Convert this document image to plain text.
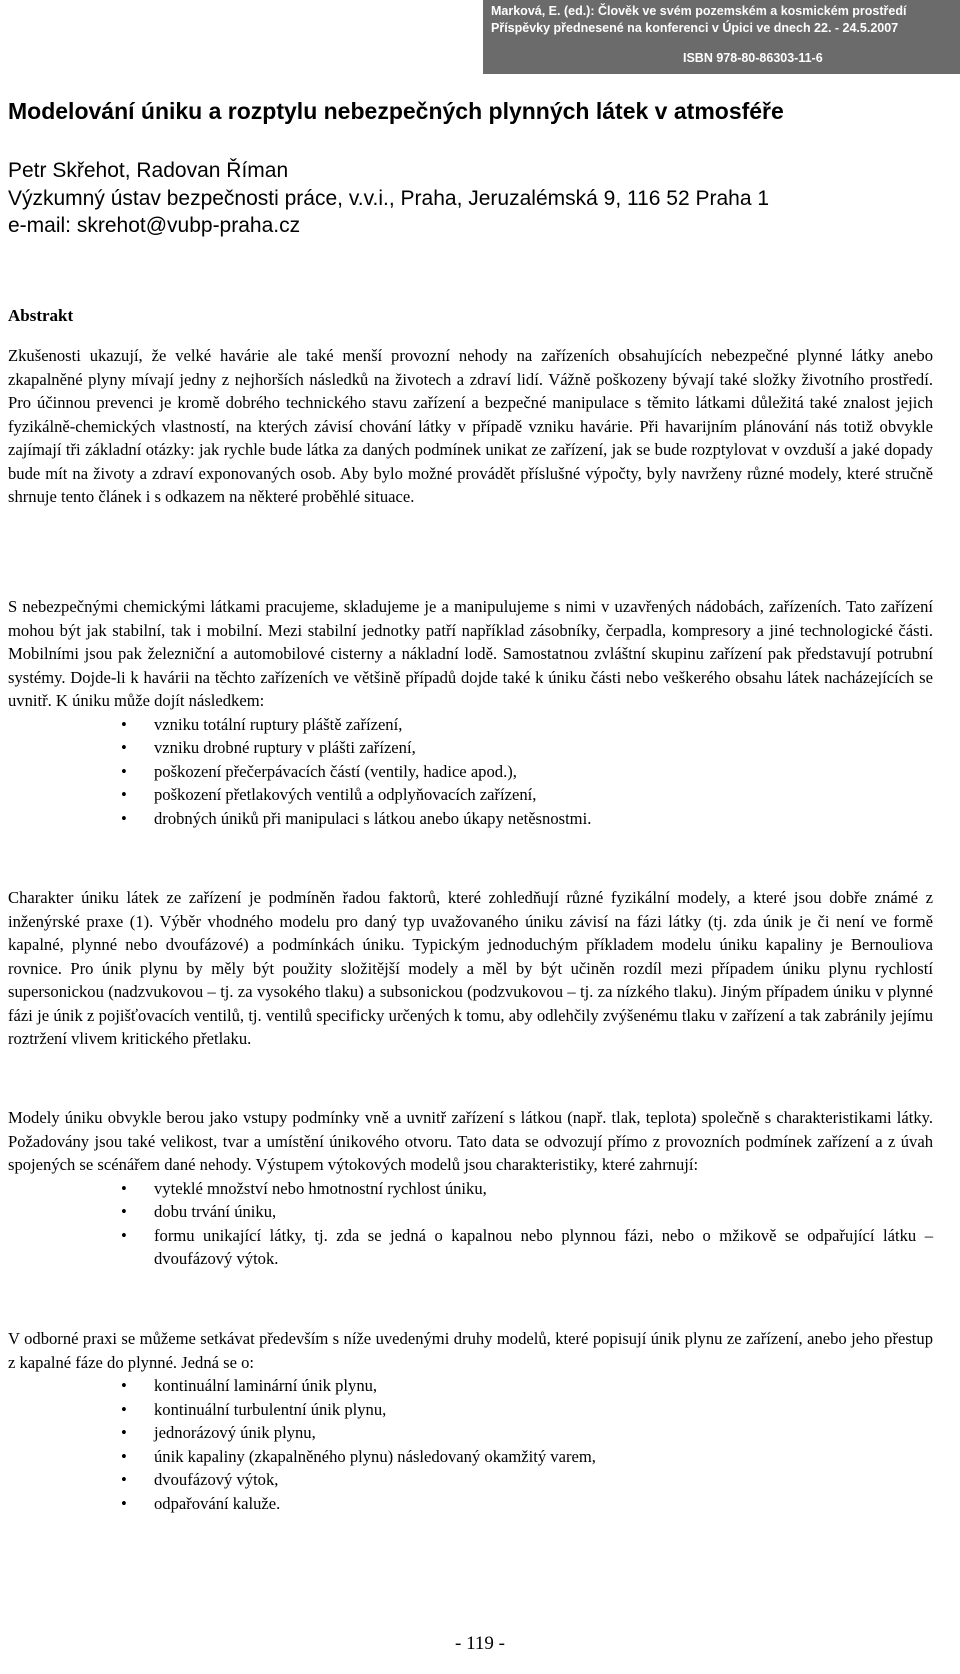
Marková, E. (ed.): Člověk ve svém pozemském a kosmickém prostředí
Příspěvky přednesené na konferenci v Úpici ve dnech 22. - 24.5.2007
ISBN 978-80-86303-11-6
Modelování úniku a rozptylu nebezpečných plynných látek v atmosféře
Petr Skřehot, Radovan Říman
Výzkumný ústav bezpečnosti práce, v.v.i., Praha, Jeruzalémská 9, 116 52 Praha 1
e-mail: skrehot@vubp-praha.cz
Abstrakt
Zkušenosti ukazují, že velké havárie ale také menší provozní nehody na zařízeních obsahujících nebezpečné plynné látky anebo zkapalněné plyny mívají jedny z nejhorších následků na životech a zdraví lidí. Vážně poškozeny bývají také složky životního prostředí. Pro účinnou prevenci je kromě dobrého technického stavu zařízení a bezpečné manipulace s těmito látkami důležitá také znalost jejich fyzikálně-chemických vlastností, na kterých závisí chování látky v případě vzniku havárie. Při havarijním plánování nás totiž obvykle zajímají tři základní otázky: jak rychle bude látka za daných podmínek unikat ze zařízení, jak se bude rozptylovat v ovzduší a jaké dopady bude mít na životy a zdraví exponovaných osob. Aby bylo možné provádět příslušné výpočty, byly navrženy různé modely, které stručně shrnuje tento článek i s odkazem na některé proběhlé situace.
S nebezpečnými chemickými látkami pracujeme, skladujeme je a manipulujeme s nimi v uzavřených nádobách, zařízeních. Tato zařízení mohou být jak stabilní, tak i mobilní. Mezi stabilní jednotky patří například zásobníky, čerpadla, kompresory a jiné technologické části. Mobilními jsou pak železniční a automobilové cisterny a nákladní lodě. Samostatnou zvláštní skupinu zařízení pak představují potrubní systémy. Dojde-li k havárii na těchto zařízeních ve většině případů dojde také k úniku části nebo veškerého obsahu látek nacházejících se uvnitř. K úniku může dojít následkem:
• vzniku totální ruptury pláště zařízení,
• vzniku drobné ruptury v plášti zařízení,
• poškození přečerpávacích částí (ventily, hadice apod.),
• poškození přetlakových ventilů a odplyňovacích zařízení,
• drobných úniků při manipulaci s látkou anebo úkapy netěsnostmi.
Charakter úniku látek ze zařízení je podmíněn řadou faktorů, které zohledňují různé fyzikální modely, a které jsou dobře známé z inženýrské praxe (1). Výběr vhodného modelu pro daný typ uvažovaného úniku závisí na fázi látky (tj. zda únik je či není ve formě kapalné, plynné nebo dvoufázové) a podmínkách úniku. Typickým jednoduchým příkladem modelu úniku kapaliny je Bernouliova rovnice. Pro únik plynu by měly být použity složitější modely a měl by být učiněn rozdíl mezi případem úniku plynu rychlostí supersonickou (nadzvukovou – tj. za vysokého tlaku) a subsonickou (podzvukovou – tj. za nízkého tlaku). Jiným případem úniku v plynné fázi je únik z pojišťovacích ventilů, tj. ventilů specificky určených k tomu, aby odlehčily zvýšenému tlaku v zařízení a tak zabránily jejímu roztržení vlivem kritického přetlaku.
Modely úniku obvykle berou jako vstupy podmínky vně a uvnitř zařízení s látkou (např. tlak, teplota) společně s charakteristikami látky. Požadovány jsou také velikost, tvar a umístění únikového otvoru. Tato data se odvozují přímo z provozních podmínek zařízení a z úvah spojených se scénářem dané nehody. Výstupem výtokových modelů jsou charakteristiky, které zahrnují:
• vyteklé množství nebo hmotnostní rychlost úniku,
• dobu trvání úniku,
• formu unikající látky, tj. zda se jedná o kapalnou nebo plynnou fázi, nebo o mžikově se odpařující látku – dvoufázový výtok.
V odborné praxi se můžeme setkávat především s níže uvedenými druhy modelů, které popisují únik plynu ze zařízení, anebo jeho přestup z kapalné fáze do plynné. Jedná se o:
• kontinuální laminární únik plynu,
• kontinuální turbulentní únik plynu,
• jednorázový únik plynu,
• únik kapaliny (zkapalněného plynu) následovaný okamžitý varem,
• dvoufázový výtok,
• odpařování kaluže.
- 119 -
